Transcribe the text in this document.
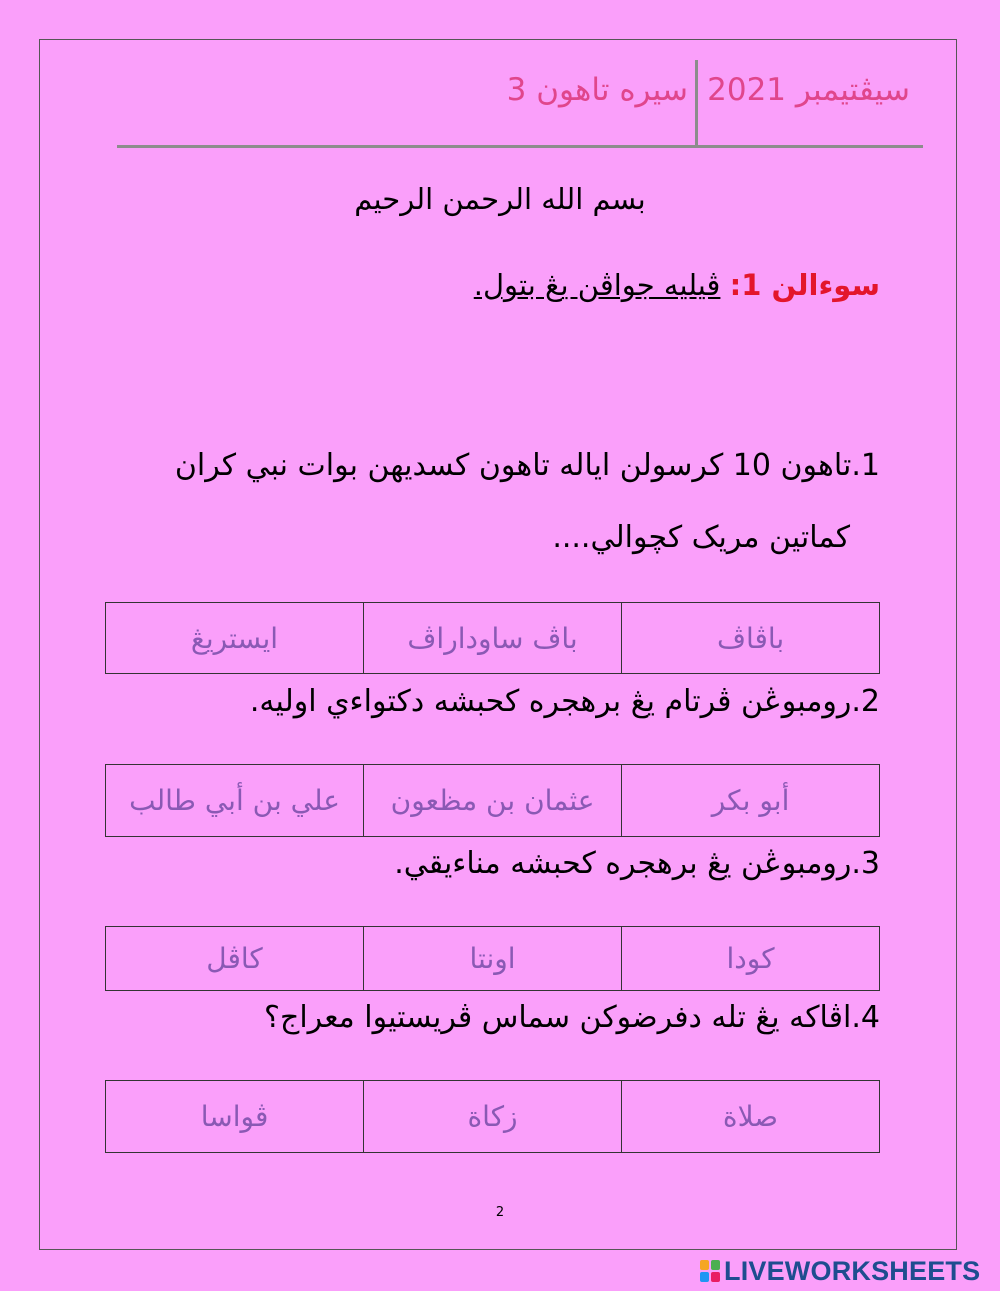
سيڤتيمبر 2021
سيره تاهون 3
بسم الله الرحمن الرحيم
سوءالن 1: ڤيليه جواڤن يڠ بتول.
1.تاهون 10 كرسولن اياله تاهون كسديهن بوات نبي كران
كماتين مريک کچوالي....
باڤاڤ	باڤ ساوداراڤ	ايستريڠ
2.رومبوڠن ڤرتام يڠ برهجره كحبشه دكتواءي اوليه.
أبو بكر	عثمان بن مظعون	علي بن أبي طالب
3.رومبوڠن يڠ برهجره كحبشه مناءيقي.
كودا	اونتا	كاڤل
4.اڤاكه يڠ تله دفرضوكن سماس ڤريستيوا معراج؟
صلاة	زكاة	ڤواسا
2
LIVEWORKSHEETS
